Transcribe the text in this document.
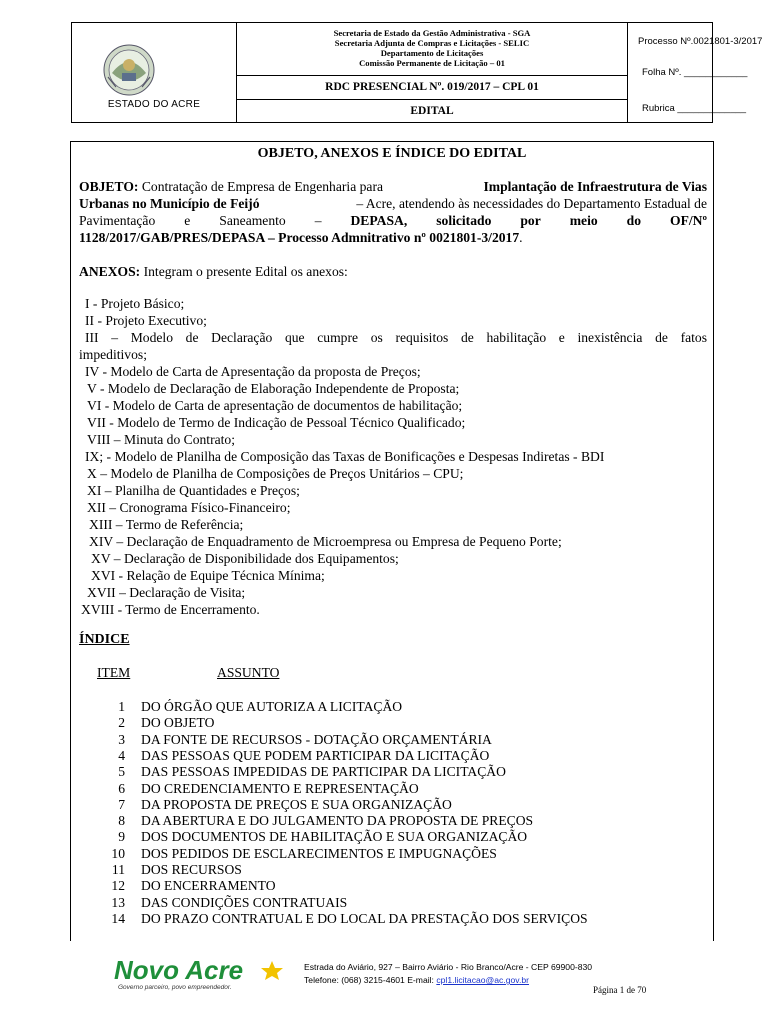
ESTADO DO ACRE
Secretaria de Estado da Gestão Administrativa - SGA
Secretaria Adjunta de Compras e Licitações - SELIC
Departamento de Licitações
Comissão Permanente de Licitação – 01
RDC PRESENCIAL Nº. 019/2017 – CPL 01
EDITAL
Processo Nº.0021801-3/2017
Folha Nº. ____________
Rubrica _____________
OBJETO, ANEXOS E ÍNDICE DO EDITAL
OBJETO: Contratação de Empresa de Engenharia para	Implantação de Infraestrutura de Vias
Urbanas no Município de Feijó	– Acre, atendendo às necessidades do Departamento Estadual de
Pavimentação e Saneamento – DEPASA, solicitado por meio do OF/Nº
1128/2017/GAB/PRES/DEPASA – Processo Admnitrativo nº 0021801-3/2017.
ANEXOS: Integram o presente Edital os anexos:
I - Projeto Básico;
II - Projeto Executivo;
III – Modelo de Declaração que cumpre os requisitos de habilitação e inexistência de fatos
impeditivos;
IV - Modelo de Carta de Apresentação da proposta de Preços;
V - Modelo de Declaração de Elaboração Independente de Proposta;
VI - Modelo de Carta de apresentação de documentos de habilitação;
VII - Modelo de Termo de Indicação de Pessoal Técnico Qualificado;
VIII – Minuta do Contrato;
IX; - Modelo de Planilha de Composição das Taxas de Bonificações e Despesas Indiretas - BDI
X – Modelo de Planilha de Composições de Preços Unitários – CPU;
XI – Planilha de Quantidades e Preços;
XII – Cronograma Físico-Financeiro;
XIII – Termo de Referência;
XIV – Declaração de Enquadramento de Microempresa ou Empresa de Pequeno Porte;
XV – Declaração de Disponibilidade dos Equipamentos;
XVI - Relação de Equipe Técnica Mínima;
XVII – Declaração de Visita;
XVIII - Termo de Encerramento.
ÍNDICE
ITEM	ASSUNTO
1 DO ÓRGÃO QUE AUTORIZA A LICITAÇÃO
2 DO OBJETO
3 DA FONTE DE RECURSOS - DOTAÇÃO ORÇAMENTÁRIA
4 DAS PESSOAS QUE PODEM PARTICIPAR DA LICITAÇÃO
5 DAS PESSOAS IMPEDIDAS DE PARTICIPAR DA LICITAÇÃO
6 DO CREDENCIAMENTO E REPRESENTAÇÃO
7 DA PROPOSTA DE PREÇOS E SUA ORGANIZAÇÃO
8 DA ABERTURA E DO JULGAMENTO DA PROPOSTA DE PREÇOS
9 DOS DOCUMENTOS DE HABILITAÇÃO E SUA ORGANIZAÇÃO
10 DOS PEDIDOS DE ESCLARECIMENTOS E IMPUGNAÇÕES
11 DOS RECURSOS
12 DO ENCERRAMENTO
13 DAS CONDIÇÕES CONTRATUAIS
14 DO PRAZO CONTRATUAL E DO LOCAL DA PRESTAÇÃO DOS SERVIÇOS
Novo Acre
Governo parceiro, povo empreendedor.
Estrada do Aviário, 927 – Bairro Aviário - Rio Branco/Acre - CEP 69900-830
Telefone: (068) 3215-4601 E-mail: cpl1.licitacao@ac.gov.br
Página 1 de 70
